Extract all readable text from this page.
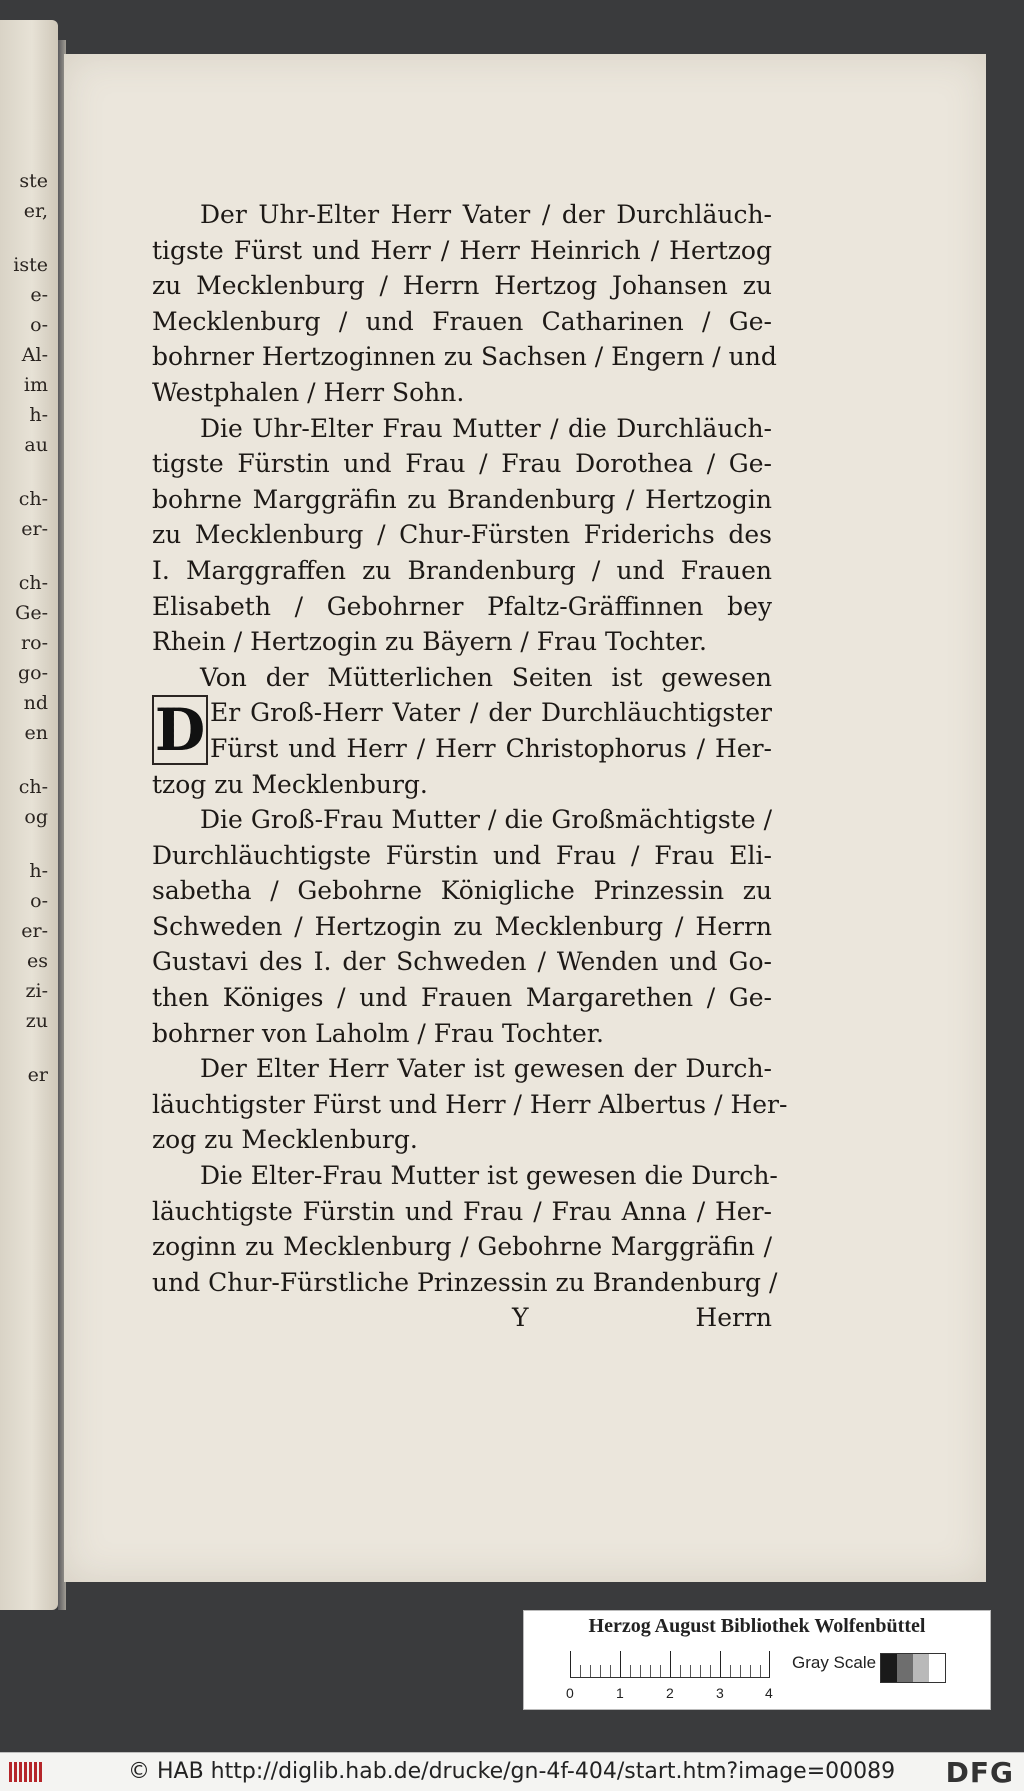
ste
er,
iste
e-
o-
Al-
im
h-
au
ch-
er-
ch-
Ge-
ro-
go-
nd
en
ch-
og
h-
o-
er-
es
zi-
zu
er
Der Uhr-Elter Herr Vater / der Durchläuch-
tigste Fürst und Herr / Herr Heinrich / Hertzog
zu Mecklenburg / Herrn Hertzog Johansen zu
Mecklenburg / und Frauen Catharinen / Ge-
bohrner Hertzoginnen zu Sachsen / Engern / und
Westphalen / Herr Sohn.
Die Uhr-Elter Frau Mutter / die Durchläuch-
tigste Fürstin und Frau / Frau Dorothea / Ge-
bohrne Marggräfin zu Brandenburg / Hertzogin
zu Mecklenburg / Chur-Fürsten Friderichs des
I. Marggraffen zu Brandenburg / und Frauen
Elisabeth / Gebohrner Pfaltz-Gräffinnen bey
Rhein / Hertzogin zu Bäyern / Frau Tochter.
Von der Mütterlichen Seiten ist gewesen
D Er Groß-Herr Vater / der Durchläuchtigster
Fürst und Herr / Herr Christophorus / Her-
tzog zu Mecklenburg.
Die Groß-Frau Mutter / die Großmächtigste /
Durchläuchtigste Fürstin und Frau / Frau Eli-
sabetha / Gebohrne Königliche Prinzessin zu
Schweden / Hertzogin zu Mecklenburg / Herrn
Gustavi des I. der Schweden / Wenden und Go-
then Königes / und Frauen Margarethen / Ge-
bohrner von Laholm / Frau Tochter.
Der Elter Herr Vater ist gewesen der Durch-
läuchtigster Fürst und Herr / Herr Albertus / Her-
zog zu Mecklenburg.
Die Elter-Frau Mutter ist gewesen die Durch-
läuchtigste Fürstin und Frau / Frau Anna / Her-
zoginn zu Mecklenburg / Gebohrne Marggräfin /
und Chur-Fürstliche Prinzessin zu Brandenburg /
Y	Herrn
Herzog August Bibliothek Wolfenbüttel
0	1	2	3	4
Gray Scale
© HAB http://diglib.hab.de/drucke/gn-4f-404/start.htm?image=00089 DFG
